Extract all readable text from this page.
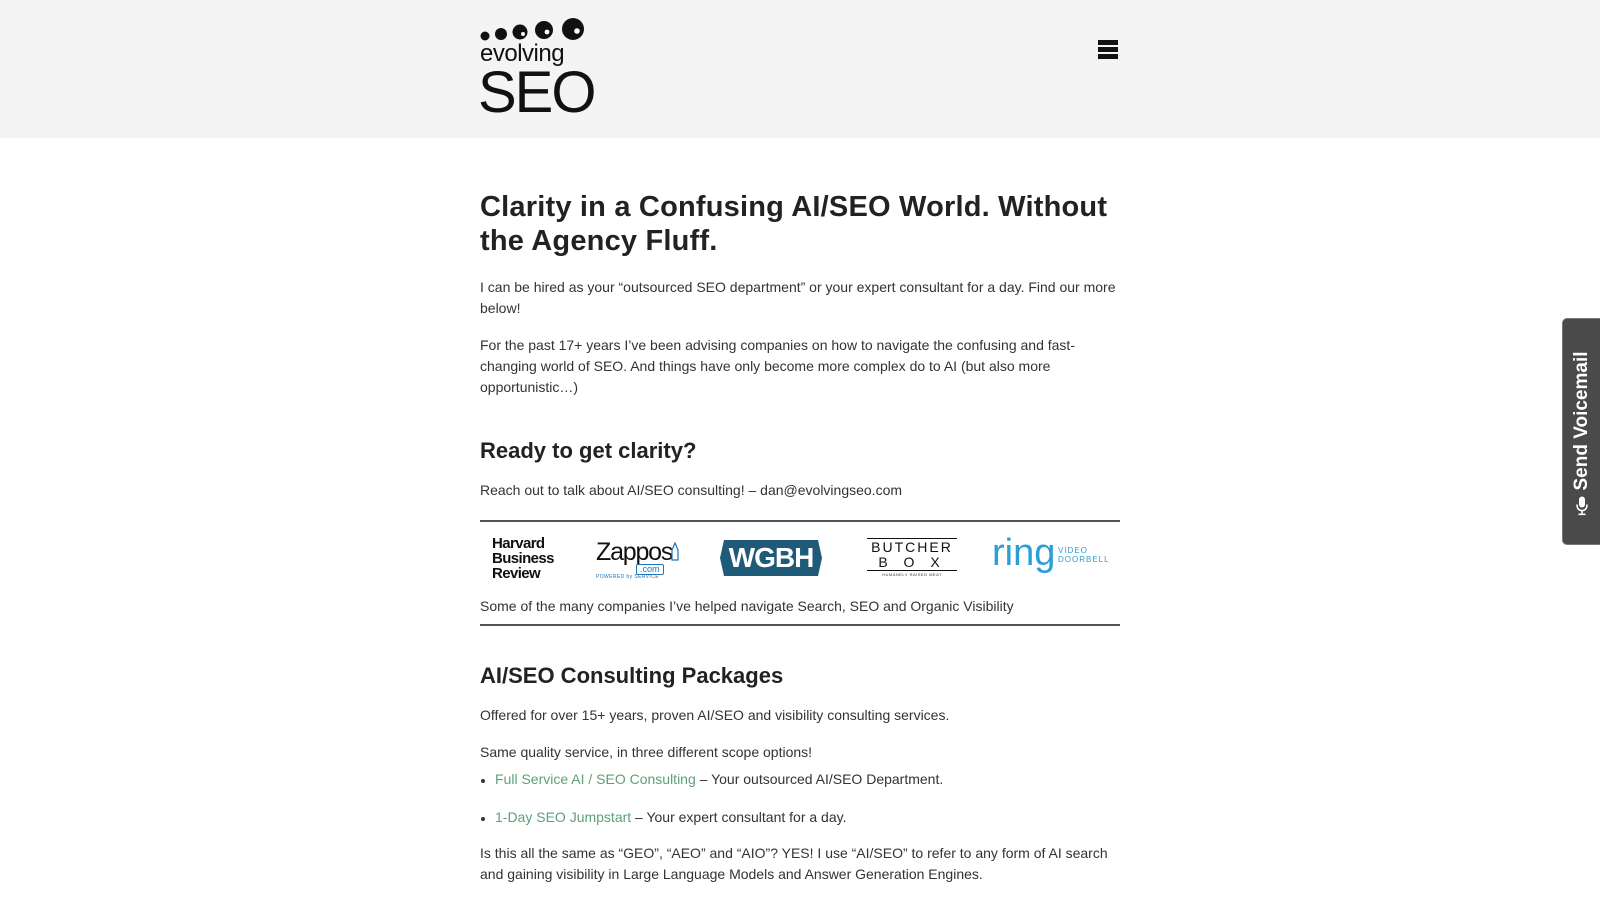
evolving
SEO
Clarity in a Confusing AI/SEO World. Without the Agency Fluff.

I can be hired as your “outsourced SEO department” or your expert consultant for a day. Find our more below!

For the past 17+ years I’ve been advising companies on how to navigate the confusing and fast-changing world of SEO. And things have only become more complex do to AI (but also more opportunistic…)

Ready to get clarity?

Reach out to talk about AI/SEO consulting! – dan@evolvingseo.com

Harvard
Business
Review
Zappos
.com
POWERED by SERVICE
WGBH	BUTCHER
B O X
HUMANELY RAISED MEAT
ring VIDEO
DOORBELL
Some of the many companies I’ve helped navigate Search, SEO and Organic Visibility
AI/SEO Consulting Packages

Offered for over 15+ years, proven AI/SEO and visibility consulting services.

Same quality service, in three different scope options!

Full Service AI / SEO Consulting – Your outsourced AI/SEO Department.
1-Day SEO Jumpstart – Your expert consultant for a day.

Is this all the same as “GEO”, “AEO” and “AIO”? YES! I use “AI/SEO” to refer to any form of AI search and gaining visibility in Large Language Models and Answer Generation Engines.

Send Voicemail
